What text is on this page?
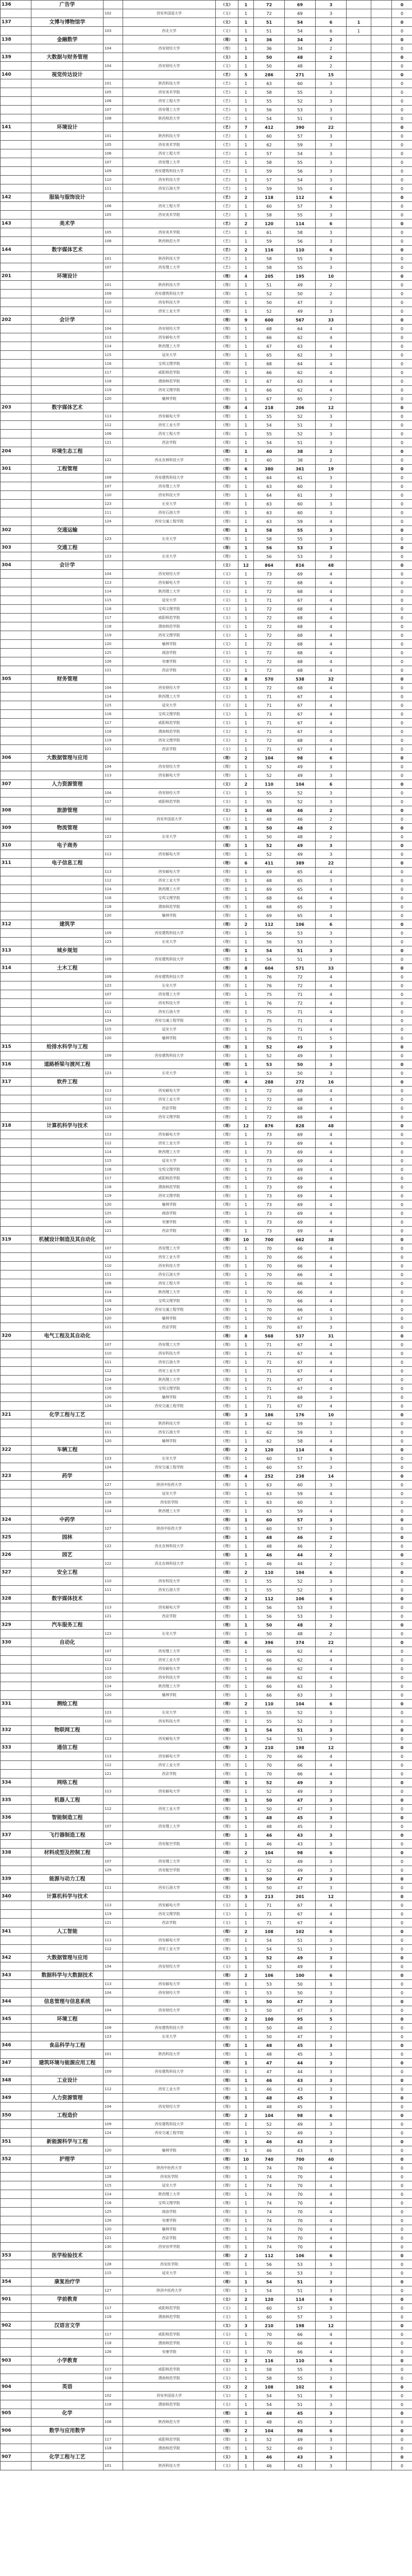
136	广告学			(文)	1	72	69	3			0
		102	西安外国语大学	(文)	1	72	69	3			0
137	文博与博物馆学			(文)	1	51	54	6	1		0
		103	西北大学	(文)	1	51	54	6	1		0
138	金融数学			(理)	1	36	34	2			0
		104	西安财经大学	(理)	1	36	34	2			0
139	大数据与财务管理			(文)	1	50	48	2			0
		104	西安财经大学	(文)	1	50	48	2			0
140	视觉传达设计			(艺)	5	286	271	15			0
		101	陕西科技大学	(艺)	1	63	60	3			0
		105	西安美术学院	(艺)	1	58	55	3			0
		106	西安工程大学	(艺)	1	55	52	3			0
		107	西安理工大学	(艺)	1	56	53	3			0
		108	陕西师范大学	(艺)	1	54	51	3			0
141	环境设计			(艺)	7	412	390	22			0
		101	陕西科技大学	(艺)	1	60	57	3			0
		105	西安美术学院	(艺)	1	62	59	3			0
		106	西安工程大学	(艺)	1	57	54	3			0
		107	西安理工大学	(艺)	1	58	55	3			0
		109	西安建筑科技大学	(艺)	1	59	56	3			0
		110	西安科技大学	(艺)	1	57	54	3			0
		111	西安石油大学	(艺)	1	59	55	4			0
142	服装与服饰设计			(艺)	2	118	112	6			0
		106	西安工程大学	(艺)	1	60	57	3			0
		105	西安美术学院	(艺)	1	58	55	3			0
143	美术学			(艺)	2	120	114	6			0
		105	西安美术学院	(艺)	1	61	58	3			0
		108	陕西师范大学	(艺)	1	59	56	3			0
144	数字媒体艺术			(艺)	2	116	110	6			0
		101	陕西科技大学	(艺)	1	58	55	3			0
		107	西安理工大学	(艺)	1	58	55	3			0
201	环境设计			(理)	4	205	195	10			0
		101	陕西科技大学	(理)	1	51	49	2			0
		109	西安建筑科技大学	(理)	1	52	50	2			0
		110	西安科技大学	(理)	1	50	47	3			0
		112	西安工业大学	(理)	1	52	49	3			0
202	会计学			(理)	9	600	567	33			0
		104	西安财经大学	(理)	1	68	64	4			0
		113	西安邮电大学	(理)	1	66	62	4			0
		114	陕西理工大学	(理)	1	67	63	4			0
		115	延安大学	(理)	1	65	62	3			0
		116	宝鸡文理学院	(理)	1	68	64	4			0
		117	咸阳师范学院	(理)	1	66	62	4			0
		118	渭南师范学院	(理)	1	67	63	4			0
		119	西安文理学院	(理)	1	66	62	4			0
		120	榆林学院	(理)	1	67	65	2			0
203	数字媒体艺术			(理)	4	218	206	12			0
		113	西安邮电大学	(理)	1	55	52	3			0
		112	西安工业大学	(理)	1	54	51	3			0
		106	西安工程大学	(理)	1	55	52	3			0
		121	西京学院	(理)	1	54	51	3			0
204	环境生态工程			(理)	1	40	38	2			0
		122	西北农林科技大学	(理)	1	40	38	2			0
301	工程管理			(理)	6	380	361	19			0
		109	西安建筑科技大学	(理)	1	64	61	3			0
		107	西安理工大学	(理)	1	63	60	3			0
		110	西安科技大学	(理)	1	64	61	3			0
		123	长安大学	(理)	1	63	60	3			0
		111	西安石油大学	(理)	1	63	60	3			0
		124	西安交通工程学院	(理)	1	63	59	4			0
302	交通运输			(理)	1	58	55	3			0
		123	长安大学	(理)	1	58	55	3			0
303	交通工程			(理)	1	56	53	3			0
		123	长安大学	(理)	1	56	53	3			0
304	会计学			(文)	12	864	816	48			0
		104	西安财经大学	(文)	1	73	69	4			0
		113	西安邮电大学	(文)	1	72	68	4			0
		114	陕西理工大学	(文)	1	72	68	4			0
		115	延安大学	(文)	1	71	67	4			0
		116	宝鸡文理学院	(文)	1	72	68	4			0
		117	咸阳师范学院	(文)	1	72	68	4			0
		118	渭南师范学院	(文)	1	72	68	4			0
		119	西安文理学院	(文)	1	72	68	4			0
		120	榆林学院	(文)	1	72	68	4			0
		125	商洛学院	(文)	1	72	68	4			0
		126	安康学院	(文)	1	72	68	4			0
		121	西京学院	(文)	1	72	68	4			0
305	财务管理			(文)	8	570	538	32			0
		104	西安财经大学	(文)	1	72	68	4			0
		114	陕西理工大学	(文)	1	71	67	4			0
		115	延安大学	(文)	1	71	67	4			0
		116	宝鸡文理学院	(文)	1	71	67	4			0
		117	咸阳师范学院	(文)	1	71	67	4			0
		118	渭南师范学院	(文)	1	71	67	4			0
		119	西安文理学院	(文)	1	72	68	4			0
		121	西京学院	(文)	1	71	67	4			0
306	大数据管理与应用			(理)	2	104	98	6			0
		104	西安财经大学	(理)	1	52	49	3			0
		113	西安邮电大学	(理)	1	52	49	3			0
307	人力资源管理			(文)	2	110	104	6			0
		104	西安财经大学	(文)	1	55	52	3			0
		117	咸阳师范学院	(文)	1	55	52	3			0
308	旅游管理			(文)	1	48	46	2			0
		102	西安外国语大学	(文)	1	48	46	2			0
309	物流管理			(理)	1	50	48	2			0
		123	长安大学	(理)	1	50	48	2			0
310	电子商务			(理)	1	52	49	3			0
		113	西安邮电大学	(理)	1	52	49	3			0
311	电子信息工程			(理)	6	411	389	22			0
		113	西安邮电大学	(理)	1	69	65	4			0
		112	西安工业大学	(理)	1	68	65	3			0
		114	陕西理工大学	(理)	1	69	65	4			0
		116	宝鸡文理学院	(理)	1	68	64	4			0
		118	渭南师范学院	(理)	1	68	65	3			0
		120	榆林学院	(理)	1	69	65	4			0
312	建筑学			(理)	2	112	106	6			0
		109	西安建筑科技大学	(理)	1	56	53	3			0
		123	长安大学	(理)	1	56	53	3			0
313	城乡规划			(理)	1	54	51	3			0
		109	西安建筑科技大学	(理)	1	54	51	3			0
314	土木工程			(理)	8	604	571	33			0
		109	西安建筑科技大学	(理)	1	76	72	4			0
		123	长安大学	(理)	1	76	72	4			0
		107	西安理工大学	(理)	1	75	71	4			0
		110	西安科技大学	(理)	1	76	72	4			0
		111	西安石油大学	(理)	1	75	71	4			0
		124	西安交通工程学院	(理)	1	75	71	4			0
		115	延安大学	(理)	1	75	71	4			0
		120	榆林学院	(理)	1	76	71	5			0
315	给排水科学与工程			(理)	1	52	49	3			0
		109	西安建筑科技大学	(理)	1	52	49	3			0
316	道路桥梁与渡河工程			(理)	1	53	50	3			0
		123	长安大学	(理)	1	53	50	3			0
317	软件工程			(理)	4	288	272	16			0
		113	西安邮电大学	(理)	1	72	68	4			0
		112	西安工业大学	(理)	1	72	68	4			0
		121	西京学院	(理)	1	72	68	4			0
		119	西安文理学院	(理)	1	72	68	4			0
318	计算机科学与技术			(理)	12	876	828	48			0
		113	西安邮电大学	(理)	1	73	69	4			0
		112	西安工业大学	(理)	1	73	69	4			0
		114	陕西理工大学	(理)	1	73	69	4			0
		115	延安大学	(理)	1	73	69	4			0
		116	宝鸡文理学院	(理)	1	73	69	4			0
		117	咸阳师范学院	(理)	1	73	69	4			0
		118	渭南师范学院	(理)	1	73	69	4			0
		119	西安文理学院	(理)	1	73	69	4			0
		120	榆林学院	(理)	1	73	69	4			0
		125	商洛学院	(理)	1	73	69	4			0
		126	安康学院	(理)	1	73	69	4			0
		121	西京学院	(理)	1	73	69	4			0
319	机械设计制造及其自动化			(理)	10	700	662	38			0
		107	西安理工大学	(理)	1	70	66	4			0
		112	西安工业大学	(理)	1	70	66	4			0
		110	西安科技大学	(理)	1	70	66	4			0
		111	西安石油大学	(理)	1	70	66	4			0
		106	西安工程大学	(理)	1	70	66	4			0
		114	陕西理工大学	(理)	1	70	66	4			0
		116	宝鸡文理学院	(理)	1	70	66	4			0
		124	西安交通工程学院	(理)	1	70	66	4			0
		120	榆林学院	(理)	1	70	67	3			0
		121	西京学院	(理)	1	70	67	3			0
320	电气工程及其自动化			(理)	8	568	537	31			0
		107	西安理工大学	(理)	1	71	67	4			0
		110	西安科技大学	(理)	1	71	67	4			0
		111	西安石油大学	(理)	1	71	67	4			0
		112	西安工业大学	(理)	1	71	67	4			0
		114	陕西理工大学	(理)	1	71	67	4			0
		116	宝鸡文理学院	(理)	1	71	67	4			0
		120	榆林学院	(理)	1	71	68	3			0
		124	西安交通工程学院	(理)	1	71	67	4			0
321	化学工程与工艺			(理)	3	186	176	10			0
		101	陕西科技大学	(理)	1	62	59	3			0
		111	西安石油大学	(理)	1	62	59	3			0
		120	榆林学院	(理)	1	62	58	4			0
322	车辆工程			(理)	2	120	114	6			0
		123	长安大学	(理)	1	60	57	3			0
		124	西安交通工程学院	(理)	1	60	57	3			0
323	药学			(理)	4	252	238	14			0
		127	陕西中医药大学	(理)	1	63	60	3			0
		115	延安大学	(理)	1	63	59	4			0
		128	西安医学院	(理)	1	63	60	3			0
		114	陕西理工大学	(理)	1	63	59	4			0
324	中药学			(理)	1	60	57	3			0
		127	陕西中医药大学	(理)	1	60	57	3			0
325	园林			(理)	1	48	46	2			0
		122	西北农林科技大学	(理)	1	48	46	2			0
326	园艺			(理)	1	46	44	2			0
		122	西北农林科技大学	(理)	1	46	44	2			0
327	安全工程			(理)	2	110	104	6			0
		110	西安科技大学	(理)	1	55	52	3			0
		111	西安石油大学	(理)	1	55	52	3			0
328	数字媒体技术			(理)	2	112	106	6			0
		113	西安邮电大学	(理)	1	56	53	3			0
		121	西京学院	(理)	1	56	53	3			0
329	汽车服务工程			(理)	1	50	48	2			0
		123	长安大学	(理)	1	50	48	2			0
330	自动化			(理)	6	396	374	22			0
		107	西安理工大学	(理)	1	66	62	4			0
		112	西安工业大学	(理)	1	66	62	4			0
		113	西安邮电大学	(理)	1	66	62	4			0
		110	西安科技大学	(理)	1	66	62	4			0
		114	陕西理工大学	(理)	1	66	63	3			0
		120	榆林学院	(理)	1	66	63	3			0
331	测绘工程			(理)	2	110	104	6			0
		123	长安大学	(理)	1	55	52	3			0
		110	西安科技大学	(理)	1	55	52	3			0
332	物联网工程			(理)	1	54	51	3			0
		113	西安邮电大学	(理)	1	54	51	3			0
333	通信工程			(理)	3	210	198	12			0
		113	西安邮电大学	(理)	1	70	66	4			0
		112	西安工业大学	(理)	1	70	66	4			0
		121	西京学院	(理)	1	70	66	4			0
334	网络工程			(理)	1	52	49	3			0
		113	西安邮电大学	(理)	1	52	49	3			0
335	机器人工程			(理)	1	50	47	3			0
		112	西安工业大学	(理)	1	50	47	3			0
336	智能制造工程			(理)	1	48	45	3			0
		107	西安理工大学	(理)	1	48	45	3			0
337	飞行器制造工程			(理)	1	46	43	3			0
		129	西安航空学院	(理)	1	46	43	3			0
338	材料成型及控制工程			(理)	2	104	98	6			0
		107	西安理工大学	(理)	1	52	49	3			0
		129	西安航空学院	(理)	1	52	49	3			0
339	能源与动力工程			(理)	1	50	47	3			0
		111	西安石油大学	(理)	1	50	47	3			0
340	计算机科学与技术			(文)	3	213	201	12			0
		113	西安邮电大学	(文)	1	71	67	4			0
		119	西安文理学院	(文)	1	71	67	4			0
		121	西京学院	(文)	1	71	67	4			0
341	人工智能			(理)	2	108	102	6			0
		113	西安邮电大学	(理)	1	54	51	3			0
		112	西安工业大学	(理)	1	54	51	3			0
342	大数据管理与应用			(文)	1	52	49	3			0
		104	西安财经大学	(文)	1	52	49	3			0
343	数据科学与大数据技术			(理)	2	106	100	6			0
		113	西安邮电大学	(理)	1	53	50	3			0
		104	西安财经大学	(理)	1	53	50	3			0
344	信息管理与信息系统			(理)	1	50	47	3			0
		104	西安财经大学	(理)	1	50	47	3			0
345	环境工程			(理)	2	100	95	5			0
		109	西安建筑科技大学	(理)	1	50	48	2			0
		123	长安大学	(理)	1	50	47	3			0
346	食品科学与工程			(理)	1	48	45	3			0
		101	陕西科技大学	(理)	1	48	45	3			0
347	建筑环境与能源应用工程			(理)	1	47	44	3			0
		109	西安建筑科技大学	(理)	1	47	44	3			0
348	工业设计			(理)	1	46	43	3			0
		112	西安工业大学	(理)	1	46	43	3			0
349	人力资源管理			(理)	1	48	45	3			0
		104	西安财经大学	(理)	1	48	45	3			0
350	工程造价			(理)	2	104	98	6			0
		109	西安建筑科技大学	(理)	1	52	49	3			0
		124	西安交通工程学院	(理)	1	52	49	3			0
351	新能源科学与工程			(理)	1	46	43	3			0
		120	榆林学院	(理)	1	46	43	3			0
352	护理学			(理)	10	740	700	40			0
		127	陕西中医药大学	(理)	1	74	70	4			0
		128	西安医学院	(理)	1	74	70	4			0
		115	延安大学	(理)	1	74	70	4			0
		114	陕西理工大学	(理)	1	74	70	4			0
		116	宝鸡文理学院	(理)	1	74	70	4			0
		125	商洛学院	(理)	1	74	70	4			0
		126	安康学院	(理)	1	74	70	4			0
		120	榆林学院	(理)	1	74	70	4			0
		121	西京学院	(理)	1	74	70	4			0
		130	西安培华学院	(理)	1	74	70	4			0
353	医学检验技术			(理)	2	112	106	6			0
		128	西安医学院	(理)	1	56	53	3			0
		115	延安大学	(理)	1	56	53	3			0
354	康复治疗学			(理)	1	54	51	3			0
		127	陕西中医药大学	(理)	1	54	51	3			0
901	学前教育			(文)	2	120	114	6			0
		117	咸阳师范学院	(文)	1	60	57	3			0
		118	渭南师范学院	(文)	1	60	57	3			0
902	汉语言文学			(文)	3	210	198	12			0
		117	咸阳师范学院	(文)	1	70	66	4			0
		118	渭南师范学院	(文)	1	70	66	4			0
		126	安康学院	(文)	1	70	66	4			0
903	小学教育			(文)	2	116	110	6			0
		117	咸阳师范学院	(文)	1	58	55	3			0
		118	渭南师范学院	(文)	1	58	55	3			0
904	英语			(文)	2	108	102	6			0
		102	西安外国语大学	(文)	1	54	51	3			0
		118	渭南师范学院	(文)	1	54	51	3			0
905	化学			(理)	1	48	45	3			0
		108	陕西师范大学	(理)	1	48	45	3			0
906	数学与应用数学			(理)	2	104	98	6			0
		117	咸阳师范学院	(理)	1	52	49	3			0
		118	渭南师范学院	(理)	1	52	49	3			0
907	化学工程与工艺			(文)	1	46	43	3			0
		101	陕西科技大学	(文)	1	46	43	3			0
